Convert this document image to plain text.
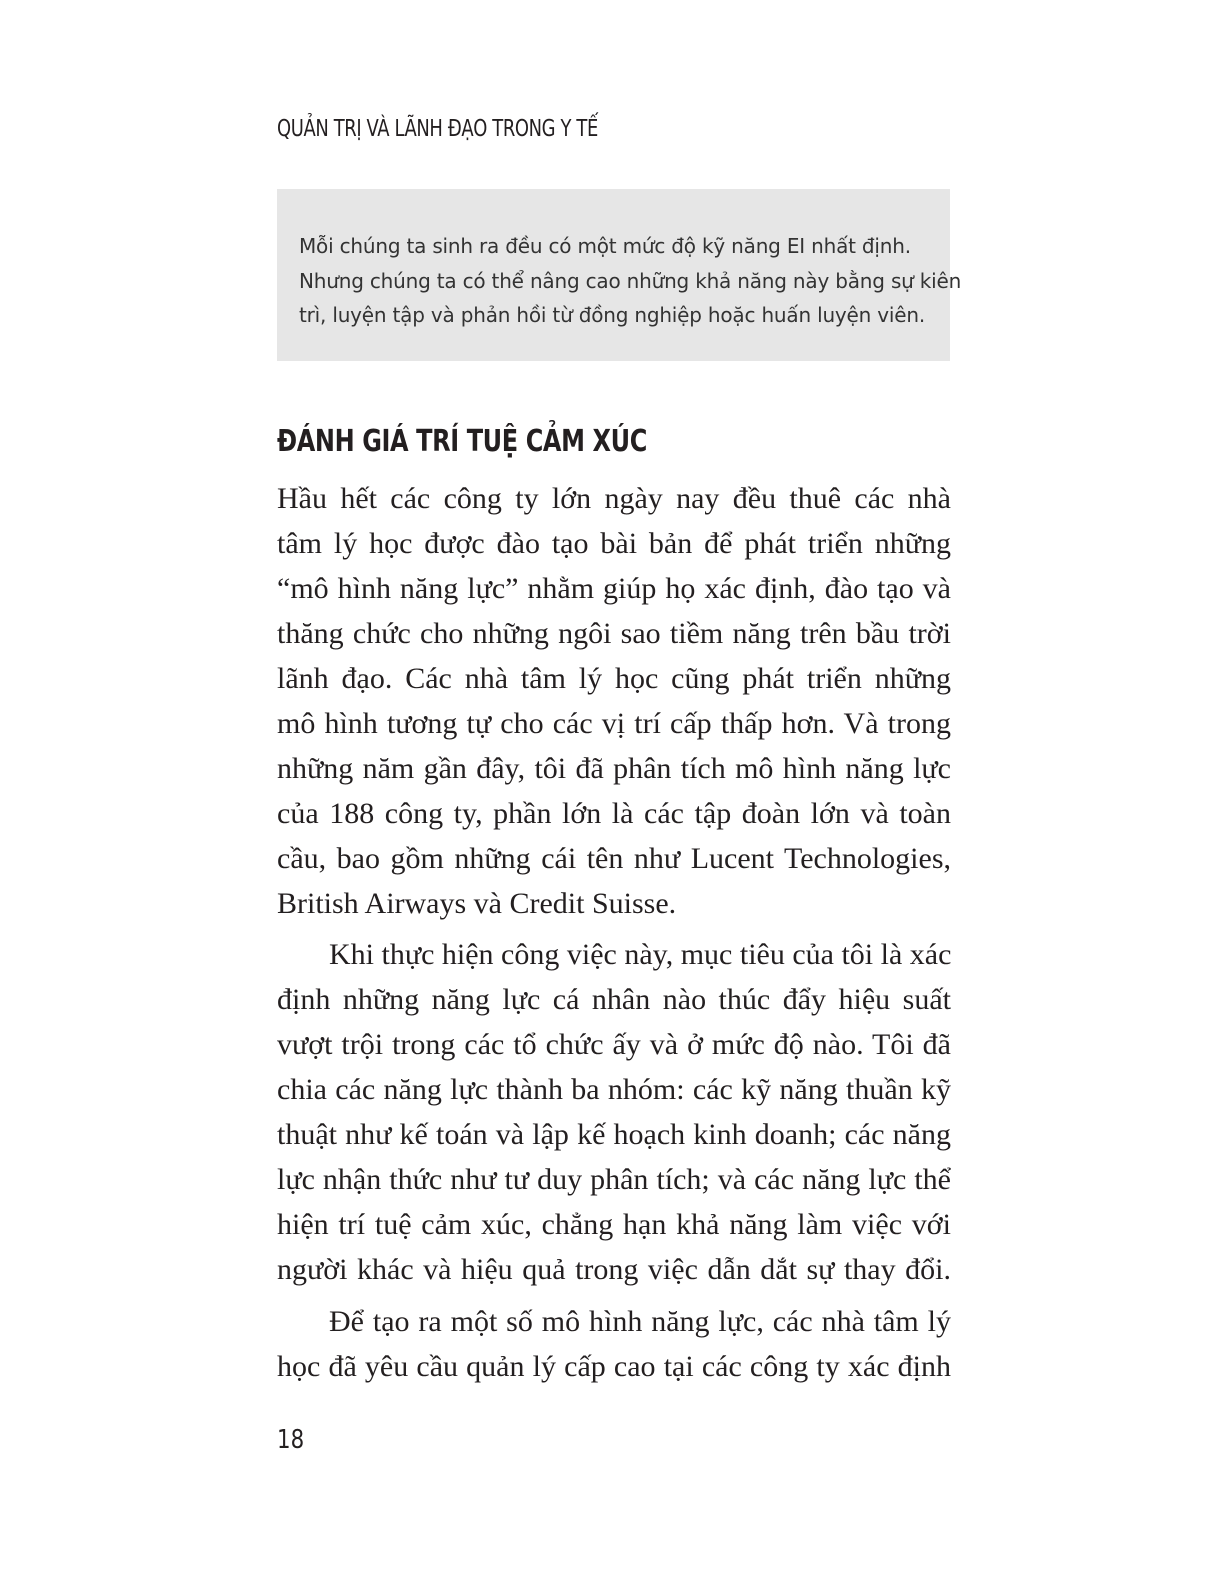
QUẢN TRỊ VÀ LÃNH ĐẠO TRONG Y TẾ

Mỗi chúng ta sinh ra đều có một mức độ kỹ năng EI nhất định.
Nhưng chúng ta có thể nâng cao những khả năng này bằng sự kiên
trì, luyện tập và phản hồi từ đồng nghiệp hoặc huấn luyện viên.

ĐÁNH GIÁ TRÍ TUỆ CẢM XÚC
Hầu hết các công ty lớn ngày nay đều thuê các nhà
tâm lý học được đào tạo bài bản để phát triển những
“mô hình năng lực” nhằm giúp họ xác định, đào tạo và
thăng chức cho những ngôi sao tiềm năng trên bầu trời
lãnh đạo. Các nhà tâm lý học cũng phát triển những
mô hình tương tự cho các vị trí cấp thấp hơn. Và trong
những năm gần đây, tôi đã phân tích mô hình năng lực
của 188 công ty, phần lớn là các tập đoàn lớn và toàn
cầu, bao gồm những cái tên như Lucent Technologies,
British Airways và Credit Suisse.
Khi thực hiện công việc này, mục tiêu của tôi là xác
định những năng lực cá nhân nào thúc đẩy hiệu suất
vượt trội trong các tổ chức ấy và ở mức độ nào. Tôi đã
chia các năng lực thành ba nhóm: các kỹ năng thuần kỹ
thuật như kế toán và lập kế hoạch kinh doanh; các năng
lực nhận thức như tư duy phân tích; và các năng lực thể
hiện trí tuệ cảm xúc, chẳng hạn khả năng làm việc với
người khác và hiệu quả trong việc dẫn dắt sự thay đổi.
Để tạo ra một số mô hình năng lực, các nhà tâm lý
học đã yêu cầu quản lý cấp cao tại các công ty xác định
18
